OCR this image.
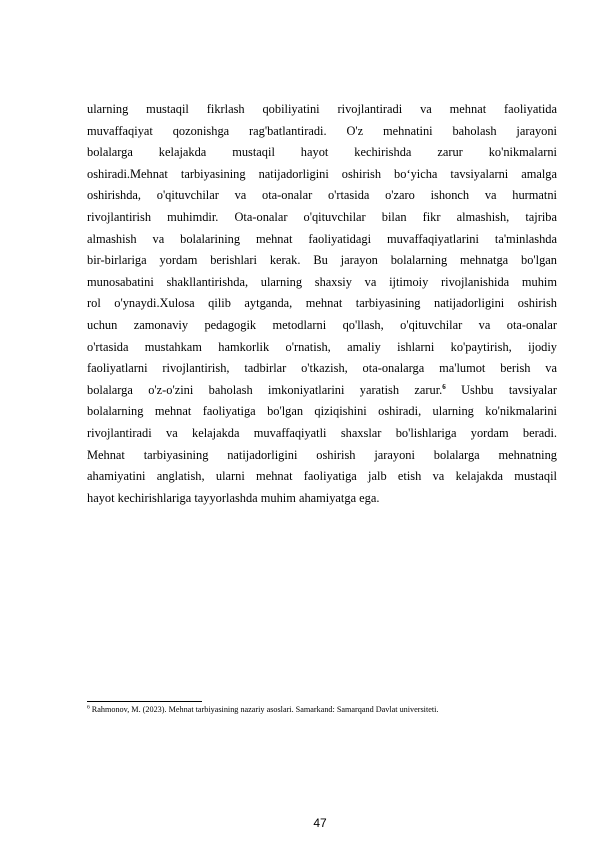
ularning mustaqil fikrlash qobiliyatini rivojlantiradi va mehnat faoliyatida
muvaffaqiyat qozonishga rag'batlantiradi. O'z mehnatini baholash jarayoni
bolalarga kelajakda mustaqil hayot kechirishda zarur ko'nikmalarni
oshiradi.Mehnat tarbiyasining natijadorligini oshirish bo‘yicha tavsiyalarni amalga
oshirishda, o'qituvchilar va ota-onalar o'rtasida o'zaro ishonch va hurmatni
rivojlantirish muhimdir. Ota-onalar o'qituvchilar bilan fikr almashish, tajriba
almashish va bolalarining mehnat faoliyatidagi muvaffaqiyatlarini ta'minlashda
bir-birlariga yordam berishlari kerak. Bu jarayon bolalarning mehnatga bo'lgan
munosabatini shakllantirishda, ularning shaxsiy va ijtimoiy rivojlanishida muhim
rol o'ynaydi.Xulosa qilib aytganda, mehnat tarbiyasining natijadorligini oshirish
uchun zamonaviy pedagogik metodlarni qo'llash, o'qituvchilar va ota-onalar
o'rtasida mustahkam hamkorlik o'rnatish, amaliy ishlarni ko'paytirish, ijodiy
faoliyatlarni rivojlantirish, tadbirlar o'tkazish, ota-onalarga ma'lumot berish va
bolalarga o'z-o'zini baholash imkoniyatlarini yaratish zarur.$^6$ Ushbu tavsiyalar
bolalarning mehnat faoliyatiga bo'lgan qiziqishini oshiradi, ularning ko'nikmalarini
rivojlantiradi va kelajakda muvaffaqiyatli shaxslar bo'lishlariga yordam beradi.
Mehnat tarbiyasining natijadorligini oshirish jarayoni bolalarga mehnatning
ahamiyatini anglatish, ularni mehnat faoliyatiga jalb etish va kelajakda mustaqil
hayot kechirishlariga tayyorlashda muhim ahamiyatga ega.
$^6$ Rahmonov, M. (2023). Mehnat tarbiyasining nazariy asoslari. Samarkand: Samarqand Davlat universiteti.
47
